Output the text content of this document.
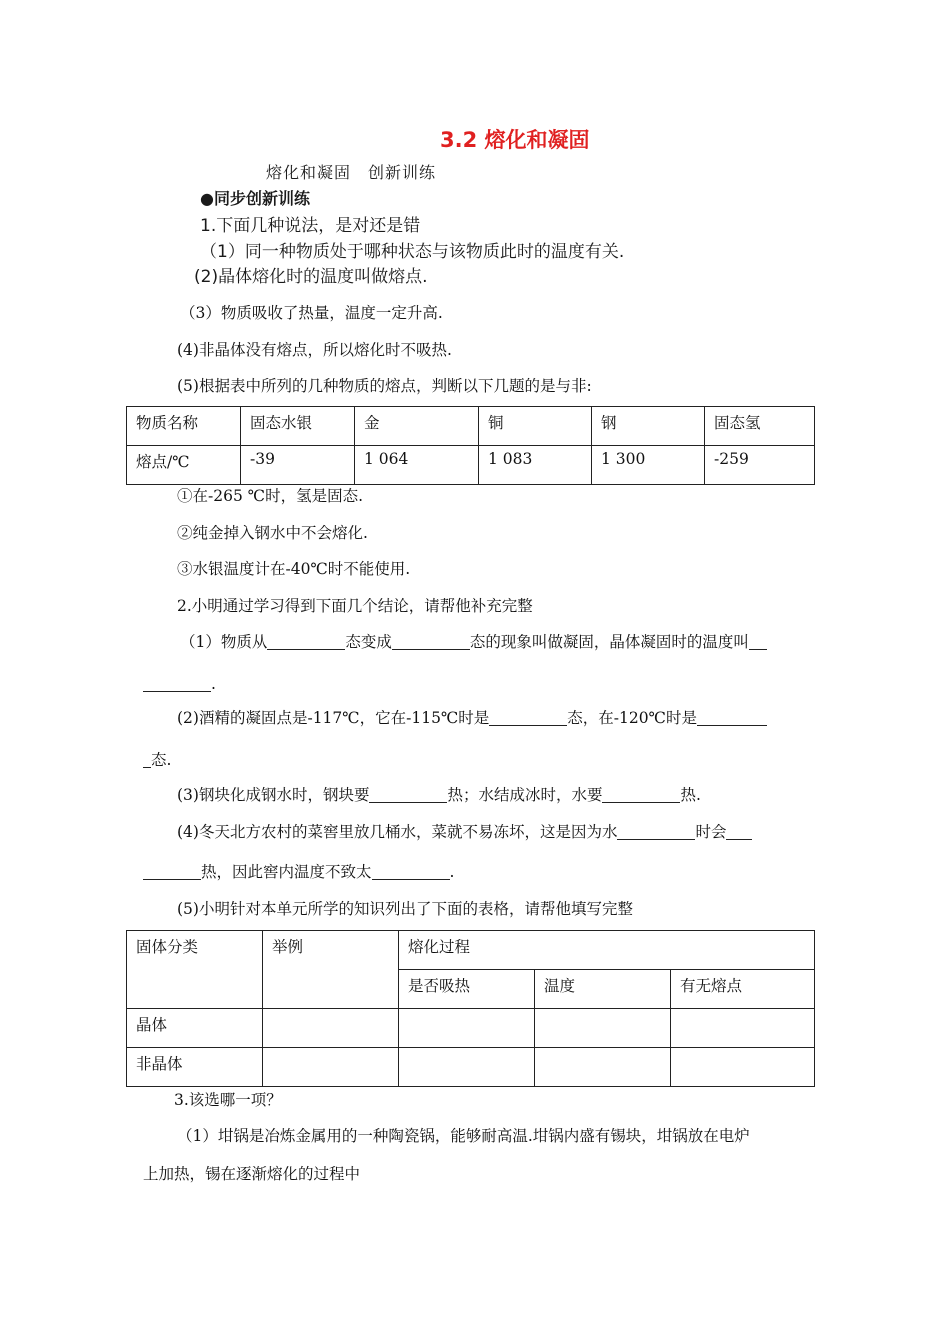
3.2 熔化和凝固
熔化和凝固　创新训练
●同步创新训练
1.下面几种说法，是对还是错
（1）同一种物质处于哪种状态与该物质此时的温度有关.
(2)晶体熔化时的温度叫做熔点.
（3）物质吸收了热量，温度一定升高.
(4)非晶体没有熔点，所以熔化时不吸热.
(5)根据表中所列的几种物质的熔点，判断以下几题的是与非:
物质名称	固态水银	金	铜	钢	固态氢
熔点/℃	-39	1 064	1 083	1 300	-259
①在-265 ℃时，氢是固态.
②纯金掉入钢水中不会熔化.
③水银温度计在-40℃时不能使用.
2.小明通过学习得到下面几个结论，请帮他补充完整
（1）物质从	态变成	态的现象叫做凝固，晶体凝固时的温度叫
.
(2)酒精的凝固点是-117℃，它在-115℃时是	态，在-120℃时是
态.
(3)钢块化成钢水时，钢块要	热；水结成冰时，水要	热.
(4)冬天北方农村的菜窖里放几桶水，菜就不易冻坏，这是因为水	时会
热，因此窖内温度不致太	.
(5)小明针对本单元所学的知识列出了下面的表格，请帮他填写完整
固体分类	举例	熔化过程		
		是否吸热	温度	有无熔点
晶体				
非晶体				
3.该选哪一项？
（1）坩锅是冶炼金属用的一种陶瓷锅，能够耐高温.坩锅内盛有锡块，坩锅放在电炉
上加热，锡在逐渐熔化的过程中
